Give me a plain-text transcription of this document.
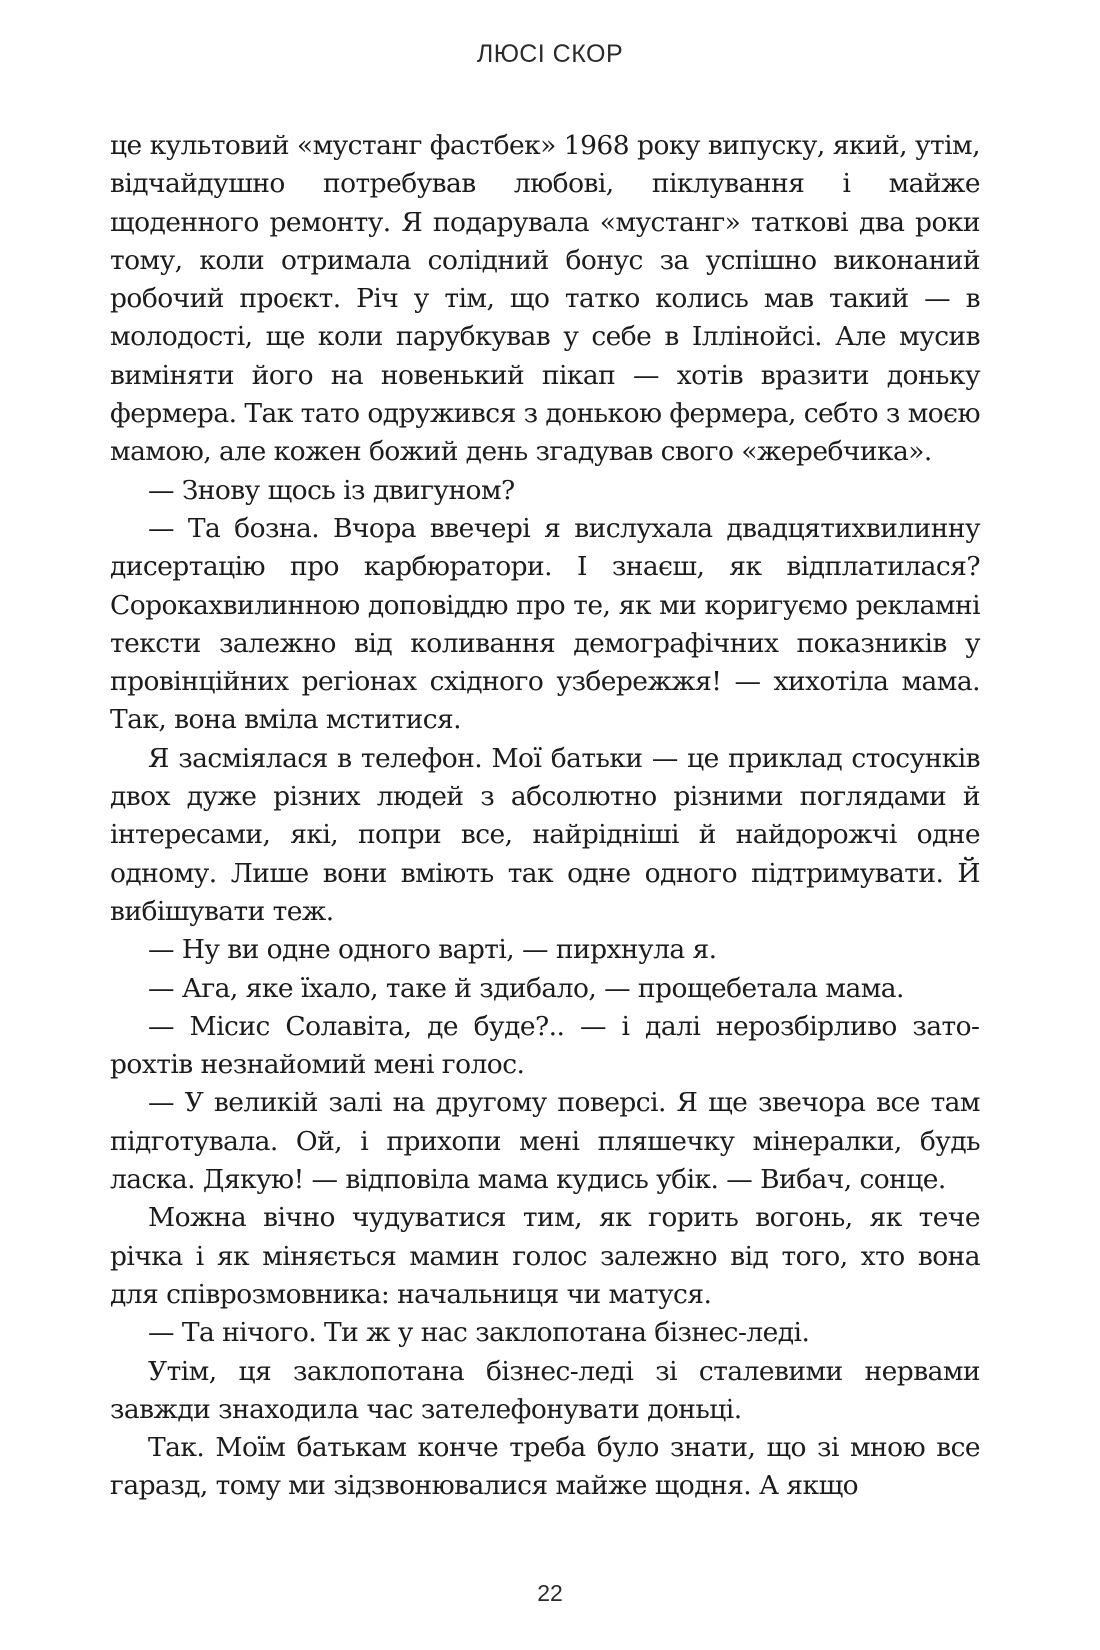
ЛЮСІ СКОР

це культовий «мустанг фастбек» 1968 року випуску, який, утім, відчайдушно потребував любові, піклування і майже щоденного ремонту. Я подарувала «мустанг» таткові два роки тому, коли отримала солідний бонус за успішно виконаний робочий проєкт. Річ у тім, що татко колись мав такий — в молодості, ще коли парубкував у себе в Іллінойсі. Але мусив виміняти його на новенький пікап — хотів вразити доньку фермера. Так тато одружився з донькою фермера, себто з моєю мамою, але кожен божий день згадував свого «жеребчика».

— Знову щось із двигуном?

— Та бозна. Вчора ввечері я вислухала двадцятихвилинну дисертацію про карбюратори. І знаєш, як відплатилася? Сорокахвилинною доповіддю про те, як ми коригуємо рекламні тексти залежно від коливання демографічних показників у провінційних регіонах східного узбережжя! — хихотіла мама. Так, вона вміла мститися.

Я засміялася в телефон. Мої батьки — це приклад стосунків двох дуже різних людей з абсолютно різними поглядами й інтересами, які, попри все, найрідніші й найдорожчі одне одному. Лише вони вміють так одне одного підтримувати. Й вибішувати теж.

— Ну ви одне одного варті, — пирхнула я.

— Ага, яке їхало, таке й здибало, — прощебетала мама.

— Місис Солавіта, де буде?.. — і далі нерозбірливо заторохтів незнайомий мені голос.

— У великій залі на другому поверсі. Я ще звечора все там підготувала. Ой, і прихопи мені пляшечку мінералки, будь ласка. Дякую! — відповіла мама кудись убік. — Вибач, сонце.

Можна вічно чудуватися тим, як горить вогонь, як тече річка і як міняється мамин голос залежно від того, хто вона для співрозмовника: начальниця чи матуся.

— Та нічого. Ти ж у нас заклопотана бізнес-леді.

Утім, ця заклопотана бізнес-леді зі сталевими нервами завжди знаходила час зателефонувати доньці.

Так. Моїм батькам конче треба було знати, що зі мною все гаразд, тому ми зідзвонювалися майже щодня. А якщо

22
